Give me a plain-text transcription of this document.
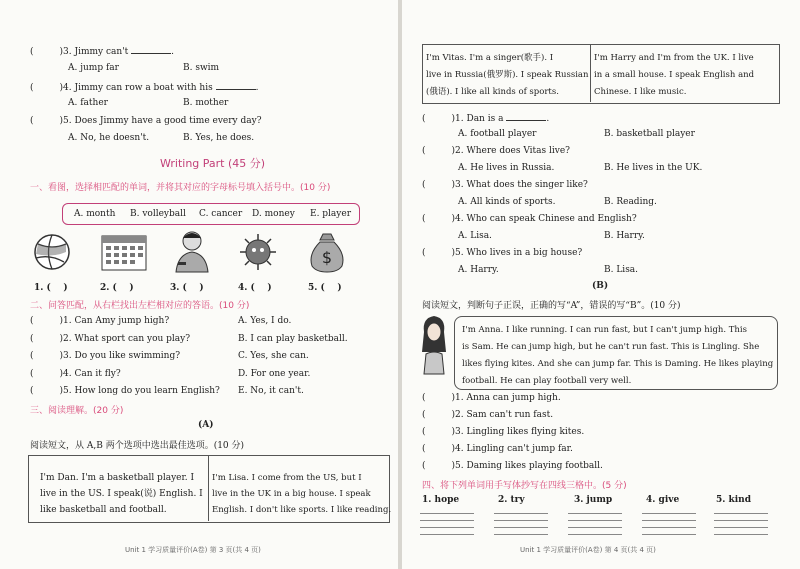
(	)3. Jimmy can't	.
A. jump far	B. swim
(	)4. Jimmy can row a boat with his	.
A. father	B. mother
(	)5. Does Jimmy have a good time every day?
A. No, he doesn't.	B. Yes, he does.
Writing Part (45 分)
一、看图，选择相匹配的单词，并将其对应的字母标号填入括号中。(10 分)
A. month B. volleyball C. cancer D. money E. player
$
1. ( )	2. ( )	3. ( )	4. ( )	5. ( )
二、问答匹配，从右栏找出左栏相对应的答语。(10 分)
(	)1. Can Amy jump high?	A. Yes, I do.
(	)2. What sport can you play?	B. I can play basketball.
(	)3. Do you like swimming?	C. Yes, she can.
(	)4. Can it fly?	D. For one year.
(	)5. How long do you learn English? E. No, it can't.
三、阅读理解。(20 分)
(A)
阅读短文，从 A,B 两个选项中选出最佳选项。(10 分)
I'm Dan. I'm a basketball player. I
live in the US. I speak(说) English. I
like basketball and football.
I'm Lisa. I come from the US, but I
live in the UK in a big house. I speak
English. I don't like sports. I like reading.
Unit 1 学习质量评价(A卷) 第 3 页(共 4 页)
I'm Vitas. I'm a singer(歌手). I
live in Russia(俄罗斯). I speak Russian
(俄语). I like all kinds of sports.
I'm Harry and I'm from the UK. I live
in a small house. I speak English and
Chinese. I like music.
(	)1. Dan is a	.
A. football player	B. basketball player
(	)2. Where does Vitas live?
A. He lives in Russia.	B. He lives in the UK.
(	)3. What does the singer like?
A. All kinds of sports.	B. Reading.
(	)4. Who can speak Chinese and English?
A. Lisa.	B. Harry.
(	)5. Who lives in a big house?
A. Harry.	B. Lisa.
(B)
阅读短文，判断句子正误，正确的写“A”，错误的写“B”。(10 分)
I'm Anna. I like running. I can run fast, but I can't jump high. This
is Sam. He can jump high, but he can't run fast. This is Lingling. She
likes flying kites. And she can jump far. This is Daming. He likes playing
football. He can play football very well.
(	)1. Anna can jump high.
(	)2. Sam can't run fast.
(	)3. Lingling likes flying kites.
(	)4. Lingling can't jump far.
(	)5. Daming likes playing football.
四、将下列单词用手写体抄写在四线三格中。(5 分)
1. hope	2. try	3. jump	4. give	5. kind
Unit 1 学习质量评价(A卷) 第 4 页(共 4 页)
